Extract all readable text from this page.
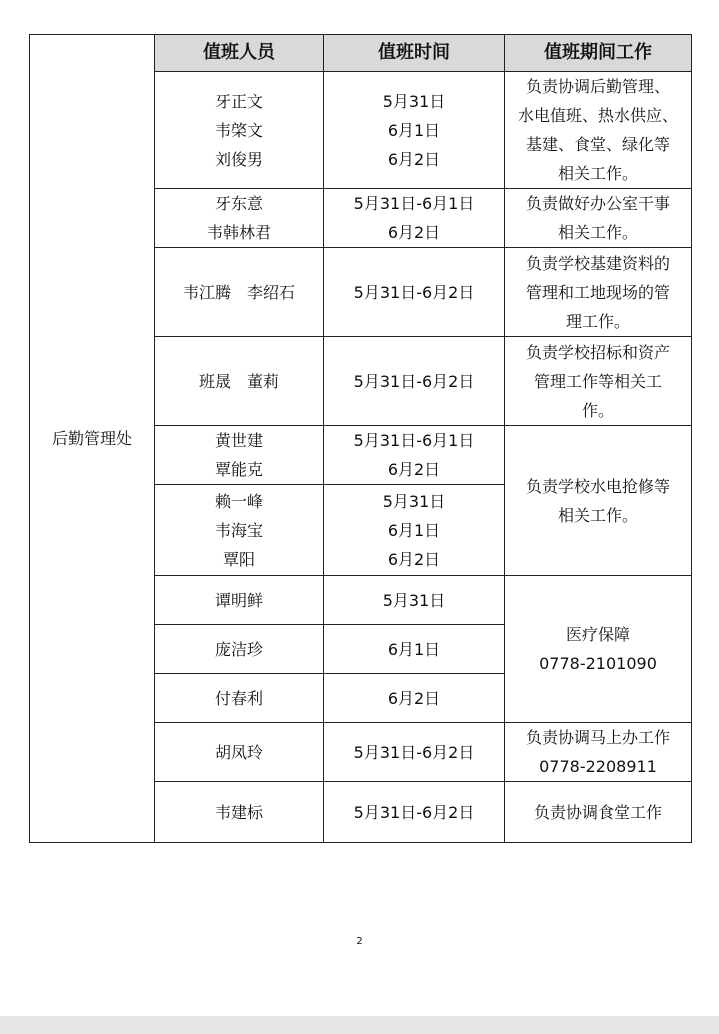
后勤管理处	值班人员	值班时间	值班期间工作

	牙正文
韦棨文
刘俊男	5月31日
6月1日
6月2日	负责协调后勤管理、
水电值班、热水供应、
基建、食堂、绿化等
相关工作。

	牙东意
韦韩林君	5月31日-6月1日
6月2日	负责做好办公室干事
相关工作。

	韦江腾　李绍石	5月31日-6月2日	负责学校基建资料的
管理和工地现场的管
理工作。

	班晟　董莉	5月31日-6月2日	负责学校招标和资产
管理工作等相关工
作。

	黄世建
覃能克	5月31日-6月1日
6月2日	负责学校水电抢修等
相关工作。

	赖一峰
韦海宝
覃阳	5月31日
6月1日
6月2日	

	谭明鲜	5月31日	医疗保障
0778-2101090

	庞洁珍	6月1日	
	付春利	6月2日	
	胡凤玲	5月31日-6月2日	负责协调马上办工作
0778-2208911

	韦建标	5月31日-6月2日	负责协调食堂工作
2
